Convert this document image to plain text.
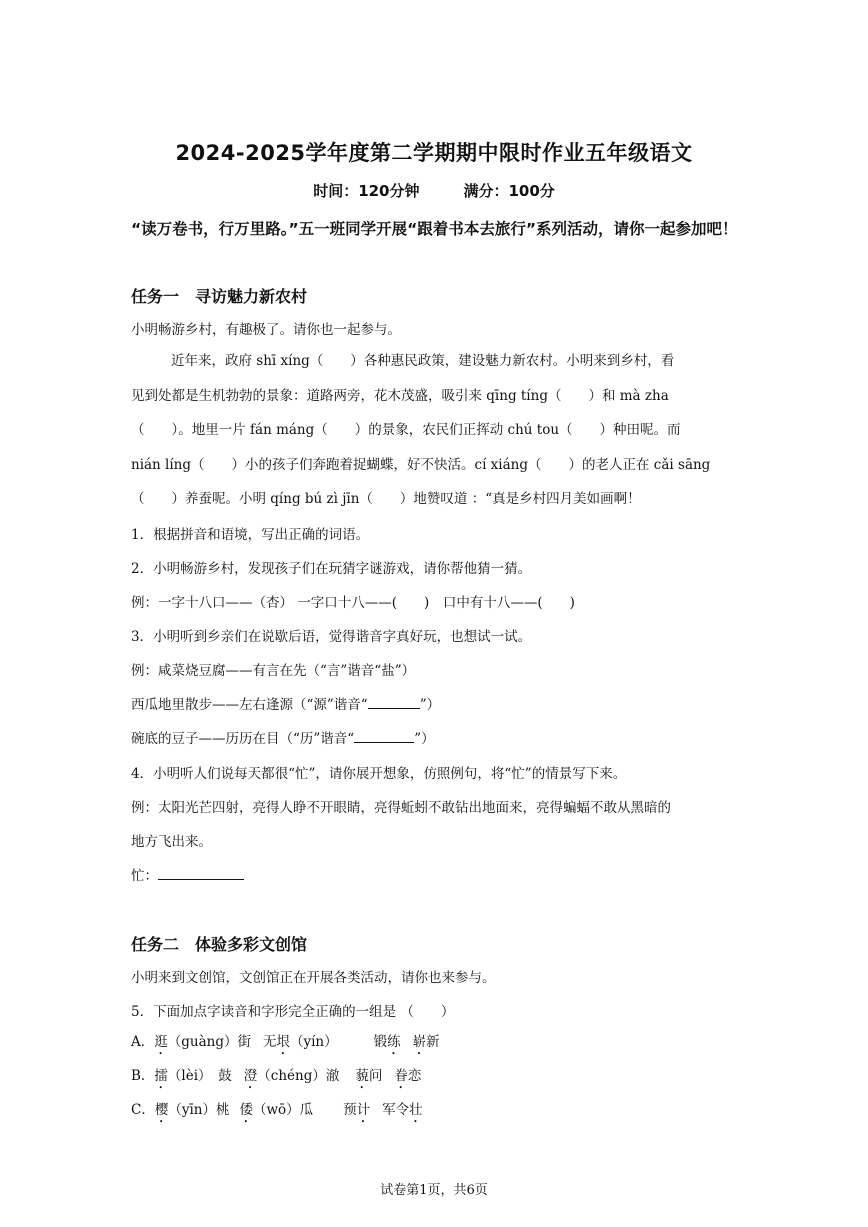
2024-2025学年度第二学期期中限时作业五年级语文
时间：120分钟	满分：100分
“读万卷书，行万里路。”五一班同学开展“跟着书本去旅行”系列活动，请你一起参加吧！
任务一 寻访魅力新农村
小明畅游乡村，有趣极了。请你也一起参与。

近年来，政府 shī xíng（　　）各种惠民政策，建设魅力新农村。小明来到乡村，看

见到处都是生机勃勃的景象：道路两旁，花木茂盛，吸引来 qīng tíng（　　）和 mà zha

（　　）。地里一片 fán máng（　　）的景象，农民们正挥动 chú tou（　　）种田呢。而

nián líng（　　）小的孩子们奔跑着捉蝴蝶，好不快活。cí xiáng（　　）的老人正在 cǎi sāng

（　　）养蚕呢。小明 qíng bú zì jīn（　　）地赞叹道 ：“真是乡村四月美如画啊！

1．根据拼音和语境，写出正确的词语。
2．小明畅游乡村，发现孩子们在玩猜字谜游戏，请你帮他猜一猜。
例：一字十八口——（杏） 一字口十八——(　　)　口中有十八——(　　)
3．小明听到乡亲们在说歇后语，觉得谐音字真好玩，也想试一试。
例：咸菜烧豆腐——有言在先（“言”谐音“盐”）
西瓜地里散步——左右逢源（“源”谐音“	”）
碗底的豆子——历历在目（“历”谐音“	”）
4．小明听人们说每天都很“忙”，请你展开想象，仿照例句，将“忙”的情景写下来。
例：太阳光芒四射，亮得人睁不开眼睛，亮得蚯蚓不敢钻出地面来，亮得蝙蝠不敢从黑暗的
地方飞出来。
忙：
任务二 体验多彩文创馆
小明来到文创馆，文创馆正在开展各类活动，请你也来参与。
5．下面加点字读音和字形完全正确的一组是 （　　）
A．逛（guàng）街 无垠（yín）	锻练 崭新
B．擂（lèi）　鼓 澄（chéng）澈 藐问 眷恋
C．樱（yīn）桃 倭（wō）瓜 预计 军令壮
试卷第1页，共6页
